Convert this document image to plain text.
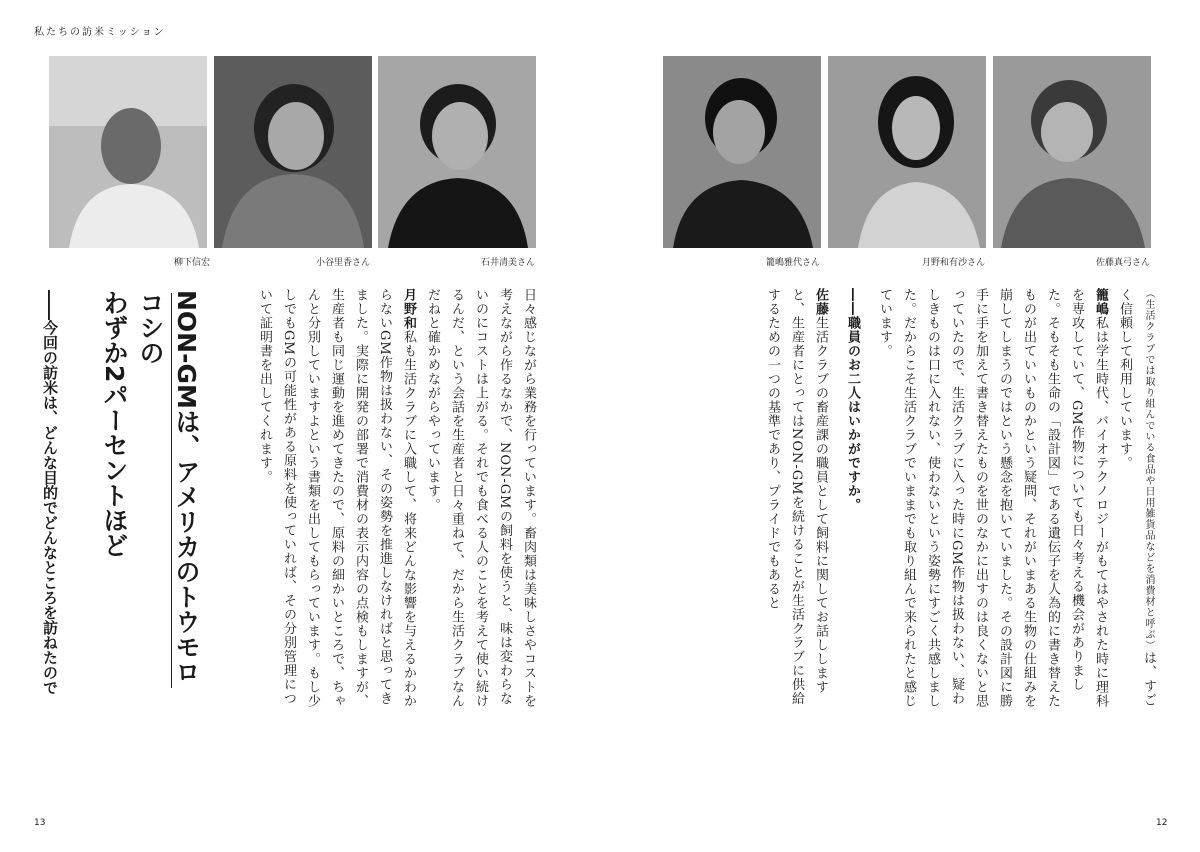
私たちの訪米ミッション
柳下信宏	小谷里香さん	石井清美さん	籠嶋雅代さん	月野和有沙さん	佐藤真弓さん

（生活クラブでは取り組んでいる食品や日用雑貨品などを消費材と呼ぶ）は、すごく信頼して利用しています。

籠嶋私は学生時代、バイオテクノロジーがもてはやされた時に理科を専攻していて、GM作物についても日々考える機会がありました。そもそも生命の「設計図」である遺伝子を人為的に書き替えたものが出ていいものかという疑問、それがいまある生物の仕組みを崩してしまうのではという懸念を抱いていました。その設計図に勝手に手を加えて書き替えたものを世のなかに出すのは良くないと思っていたので、生活クラブに入った時にGM作物は扱わない、疑わしきものは口に入れない、使わないという姿勢にすごく共感しました。だからこそ生活クラブでいままでも取り組んで来られたと感じています。

――職員のお二人はいかがですか。

佐藤生活クラブの畜産課の職員として飼料に関してお話ししますと、生産者にとってはNON-GMを続けることが生活クラブに供給するための一つの基準であり、プライドでもあると

日々感じながら業務を行っています。畜肉類は美味しさやコストを考えながら作るなかで、NON-GMの飼料を使うと、味は変わらないのにコストは上がる。それでも食べる人のことを考えて使い続けるんだ、という会話を生産者と日々重ねて、だから生活クラブなんだねと確かめながらやっています。

月野和私も生活クラブに入職して、将来どんな影響を与えるかわからないGM作物は扱わない、その姿勢を推進しなければと思ってきました。実際に開発の部署で消費材の表示内容の点検もしますが、生産者も同じ運動を進めてきたので、原料の細かいところで、ちゃんと分別していますよという書類を出してもらっています。もし少しでもGMの可能性がある原料を使っていれば、その分別管理について証明書を出してくれます。

NON-GMは、アメリカのトウモロコシの
わずか2パーセントほど
――今回の訪米は、どんな目的でどんなところを訪ねたので
13	12
